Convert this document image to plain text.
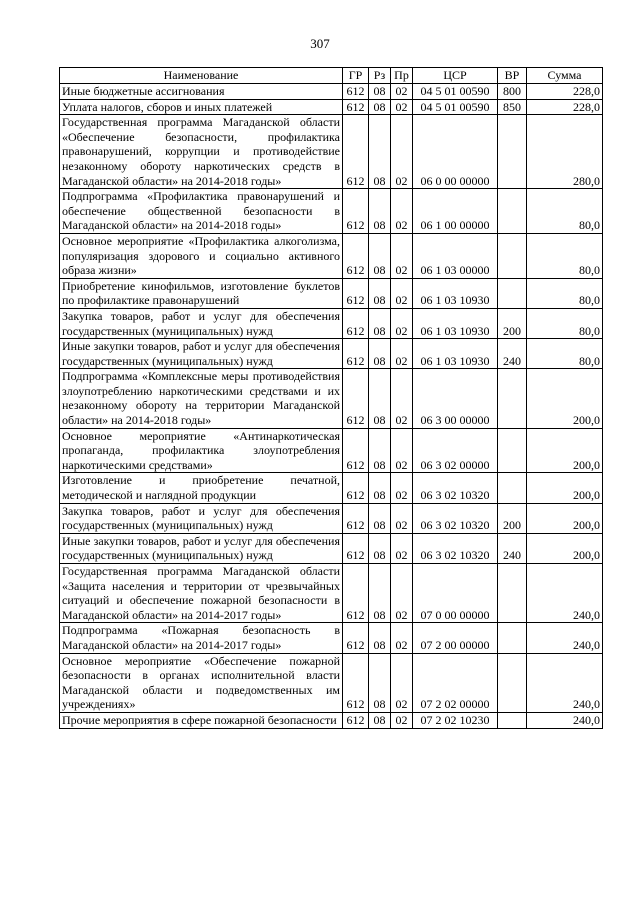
307
Наименование	ГР	Рз	Пр	ЦСР	ВР	Сумма
Иные бюджетные ассигнования	612	08	02	04 5 01 00590	800	228,0
Уплата налогов, сборов и иных платежей	612	08	02	04 5 01 00590	850	228,0
Государственная программа Магаданской области «Обеспечение безопасности, профилактика правонарушений, коррупции и противодействие незаконному обороту наркотических средств в Магаданской области» на 2014-2018 годы»	612	08	02	06 0 00 00000		280,0
Подпрограмма «Профилактика правонарушений и обеспечение общественной безопасности в Магаданской области» на 2014-2018 годы»	612	08	02	06 1 00 00000		80,0
Основное мероприятие «Профилактика алкоголизма, популяризация здорового и социально активного образа жизни»	612	08	02	06 1 03 00000		80,0
Приобретение кинофильмов, изготовление буклетов по профилактике правонарушений	612	08	02	06 1 03 10930		80,0
Закупка товаров, работ и услуг для обеспечения государственных (муниципальных) нужд	612	08	02	06 1 03 10930	200	80,0
Иные закупки товаров, работ и услуг для обеспечения государственных (муниципальных) нужд	612	08	02	06 1 03 10930	240	80,0
Подпрограмма «Комплексные меры противодействия злоупотреблению наркотическими средствами и их незаконному обороту на территории Магаданской области» на 2014-2018 годы»	612	08	02	06 3 00 00000		200,0
Основное мероприятие «Антинаркотическая пропаганда, профилактика злоупотребления наркотическими средствами»	612	08	02	06 3 02 00000		200,0
Изготовление и приобретение печатной, методической и наглядной продукции	612	08	02	06 3 02 10320		200,0
Закупка товаров, работ и услуг для обеспечения государственных (муниципальных) нужд	612	08	02	06 3 02 10320	200	200,0
Иные закупки товаров, работ и услуг для обеспечения государственных (муниципальных) нужд	612	08	02	06 3 02 10320	240	200,0
Государственная программа Магаданской области «Защита населения и территории от чрезвычайных ситуаций и обеспечение пожарной безопасности в Магаданской области» на 2014-2017 годы»	612	08	02	07 0 00 00000		240,0
Подпрограмма «Пожарная безопасность в Магаданской области» на 2014-2017 годы»	612	08	02	07 2 00 00000		240,0
Основное мероприятие «Обеспечение пожарной безопасности в органах исполнительной власти Магаданской области и подведомственных им учреждениях»	612	08	02	07 2 02 00000		240,0
Прочие мероприятия в сфере пожарной безопасности	612	08	02	07 2 02 10230		240,0
